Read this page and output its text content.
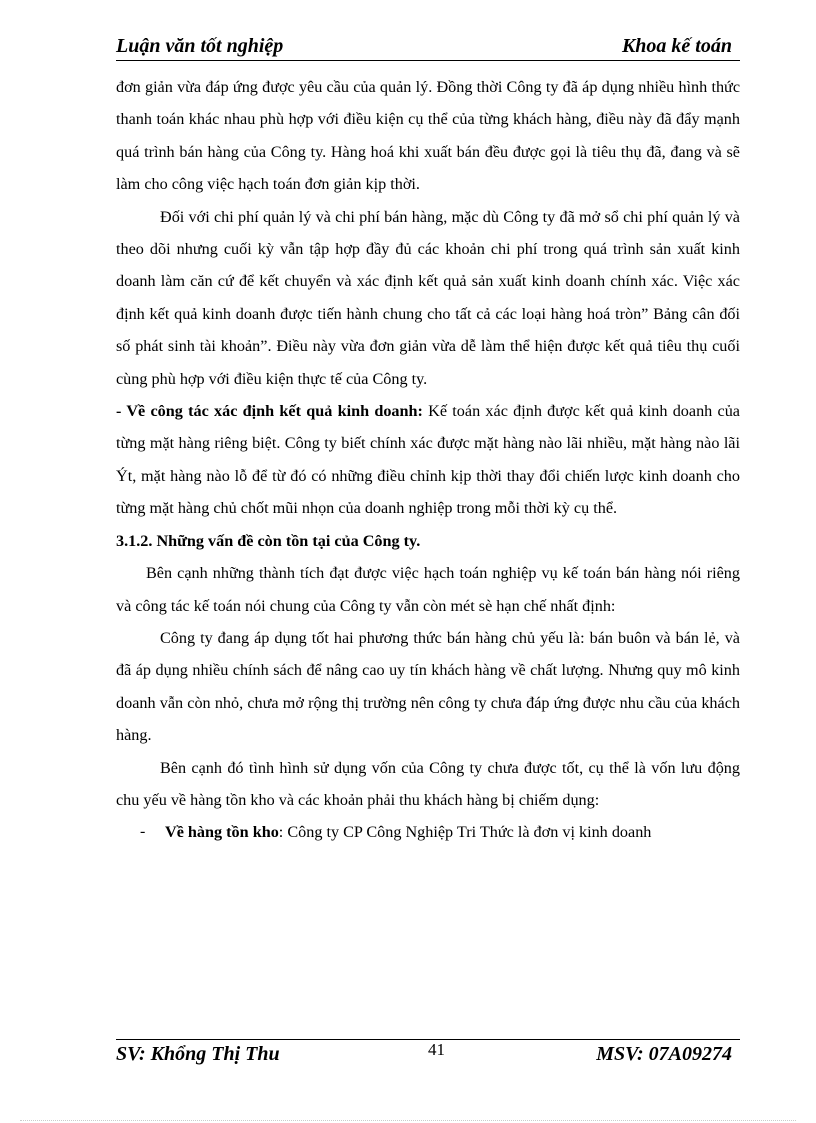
Luận văn tốt nghiệp	Khoa kế toán

đơn giản vừa đáp ứng được yêu cầu của quản lý. Đồng thời Công ty đã áp dụng nhiều hình thức thanh toán khác nhau phù hợp với điều kiện cụ thể của từng khách hàng, điều này đã đẩy mạnh quá trình bán hàng của Công ty. Hàng hoá khi xuất bán đều được gọi là tiêu thụ đã, đang và sẽ làm cho công việc hạch toán đơn giản kịp thời.

Đối với chi phí quản lý và chi phí bán hàng, mặc dù Công ty đã mở sổ chi phí quản lý và theo dõi nhưng cuối kỳ vẫn tập hợp đầy đủ các khoản chi phí trong quá trình sản xuất kinh doanh làm căn cứ để kết chuyển và xác định kết quả sản xuất kinh doanh chính xác. Việc xác định kết quả kinh doanh được tiến hành chung cho tất cả các loại hàng hoá tròn” Bảng cân đối số phát sinh tài khoản”. Điều này vừa đơn giản vừa dễ làm thể hiện được kết quả tiêu thụ cuối cùng phù hợp với điều kiện thực tế của Công ty.

- Về công tác xác định kết quả kinh doanh: Kế toán xác định được kết quả kinh doanh của từng mặt hàng riêng biệt. Công ty biết chính xác được mặt hàng nào lãi nhiều, mặt hàng nào lãi Ýt, mặt hàng nào lỗ để từ đó có những điều chỉnh kịp thời thay đổi chiến lược kinh doanh cho từng mặt hàng chủ chốt mũi nhọn của doanh nghiệp trong mỗi thời kỳ cụ thể.

3.1.2. Những vấn đề còn tồn tại của Công ty.

Bên cạnh những thành tích đạt được việc hạch toán nghiệp vụ kế toán bán hàng nói riêng và công tác kế toán nói chung của Công ty vẫn còn mét sè hạn chế nhất định:

Công ty đang áp dụng tốt hai phương thức bán hàng chủ yếu là: bán buôn và bán lẻ, và đã áp dụng nhiều chính sách để nâng cao uy tín khách hàng về chất lượng. Nhưng quy mô kinh doanh vẫn còn nhỏ, chưa mở rộng thị trường nên công ty chưa đáp ứng được nhu cầu của khách hàng.

Bên cạnh đó tình hình sử dụng vốn của Công ty chưa được tốt, cụ thể là vốn lưu động chu yếu về hàng tồn kho và các khoản phải thu khách hàng bị chiếm dụng:

- Về hàng tồn kho: Công ty CP Công Nghiệp Tri Thức là đơn vị kinh doanh
SV: Khổng Thị Thu	41	MSV: 07A09274
